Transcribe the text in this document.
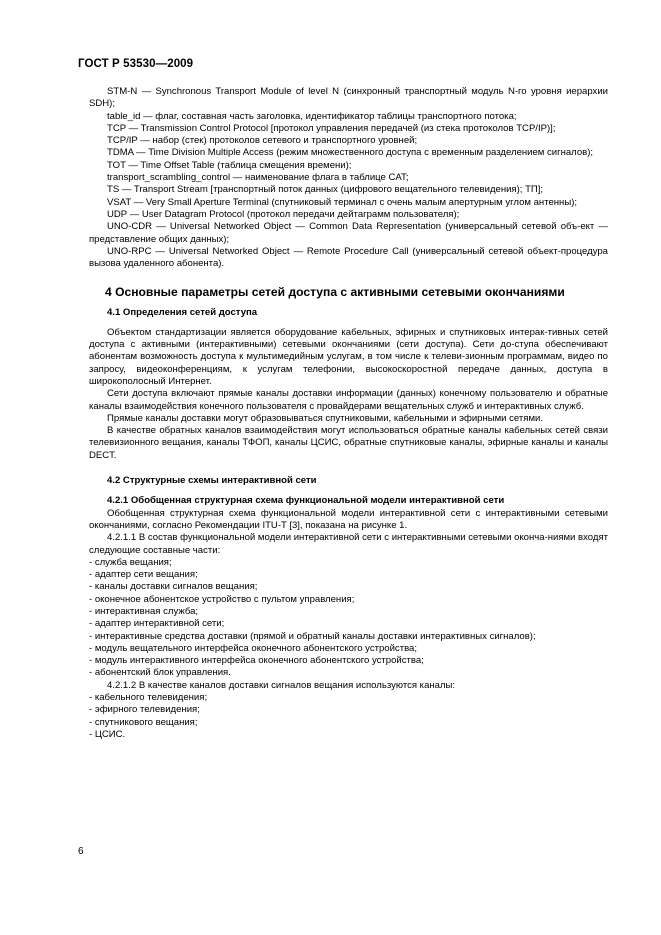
ГОСТ Р 53530—2009

STM-N — Synchronous Transport Module of level N (синхронный транспортный модуль N-го уровня иерархии SDH);

table_id — флаг, составная часть заголовка, идентификатор таблицы транспортного потока;

TCP — Transmission Control Protocol [протокол управления передачей (из стека протоколов TCP/IP)];

TCP/IP — набор (стек) протоколов сетевого и транспортного уровней;

TDMA — Time Division Multiple Access (режим множественного доступа с временным разделением сигналов);

TOT — Time Offset Table (таблица смещения времени);

transport_scrambling_control — наименование флага в таблице CAT;

TS — Transport Stream [транспортный поток данных (цифрового вещательного телевидения); ТП];

VSAT — Very Small Aperture Terminal (спутниковый терминал с очень малым апертурным углом антенны);

UDP — User Datagram Protocol (протокол передачи дейтаграмм пользователя);

UNO-CDR — Universal Networked Object — Common Data Representation (универсальный сетевой объ-ект — представление общих данных);

UNO-RPC — Universal Networked Object — Remote Procedure Call (универсальный сетевой объект-процедура вызова удаленного абонента).

4 Основные параметры сетей доступа с активными сетевыми окончаниями
4.1 Определения сетей доступа

Объектом стандартизации является оборудование кабельных, эфирных и спутниковых интерак-тивных сетей доступа с активными (интерактивными) сетевыми окончаниями (сети доступа). Сети до-ступа обеспечивают абонентам возможность доступа к мультимедийным услугам, в том числе к телеви-зионным программам, видео по запросу, видеоконференциям, к услугам телефонии, высокоскоростной передаче данных, доступа в широкополосный Интернет.

Сети доступа включают прямые каналы доставки информации (данных) конечному пользователю и обратные каналы взаимодействия конечного пользователя с провайдерами вещательных служб и интерактивных служб.

Прямые каналы доставки могут образовываться спутниковыми, кабельными и эфирными сетями.

В качестве обратных каналов взаимодействия могут использоваться обратные каналы кабельных сетей связи телевизионного вещания, каналы ТФОП, каналы ЦСИС, обратные спутниковые каналы, эфирные каналы и каналы DECT.

4.2 Структурные схемы интерактивной сети
4.2.1 Обобщенная структурная схема функциональной модели интерактивной сети

Обобщенная структурная схема функциональной модели интерактивной сети с интерактивными сетевыми окончаниями, согласно Рекомендации ITU-T [3], показана на рисунке 1.

4.2.1.1 В состав функциональной модели интерактивной сети с интерактивными сетевыми оконча-ниями входят следующие составные части:

- служба вещания;
- адаптер сети вещания;
- каналы доставки сигналов вещания;
- оконечное абонентское устройство с пультом управления;
- интерактивная служба;
- адаптер интерактивной сети;
- интерактивные средства доставки (прямой и обратный каналы доставки интерактивных сигналов);
- модуль вещательного интерфейса оконечного абонентского устройства;
- модуль интерактивного интерфейса оконечного абонентского устройства;
- абонентский блок управления.

4.2.1.2 В качестве каналов доставки сигналов вещания используются каналы:

- кабельного телевидения;
- эфирного телевидения;
- спутникового вещания;
- ЦСИС.
6
